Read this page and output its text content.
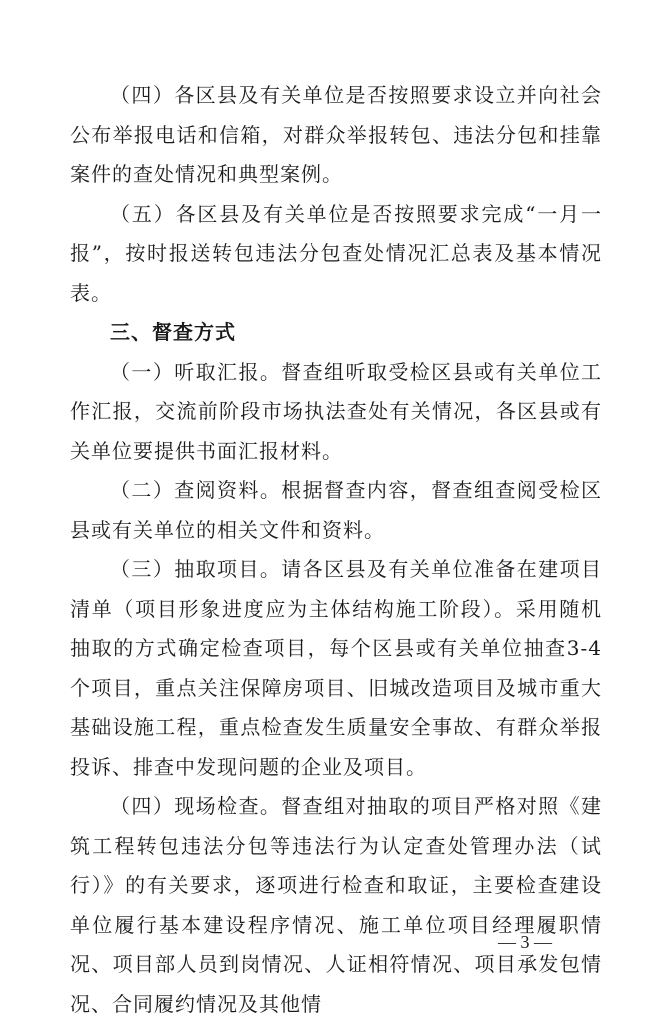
（四）各区县及有关单位是否按照要求设立并向社会公布举报电话和信箱，对群众举报转包、违法分包和挂靠案件的查处情况和典型案例。

（五）各区县及有关单位是否按照要求完成“一月一报”，按时报送转包违法分包查处情况汇总表及基本情况表。

三、督查方式

（一）听取汇报。督查组听取受检区县或有关单位工作汇报，交流前阶段市场执法查处有关情况，各区县或有关单位要提供书面汇报材料。

（二）查阅资料。根据督查内容，督查组查阅受检区县或有关单位的相关文件和资料。

（三）抽取项目。请各区县及有关单位准备在建项目清单（项目形象进度应为主体结构施工阶段）。采用随机抽取的方式确定检查项目，每个区县或有关单位抽查3-4个项目，重点关注保障房项目、旧城改造项目及城市重大基础设施工程，重点检查发生质量安全事故、有群众举报投诉、排查中发现问题的企业及项目。

（四）现场检查。督查组对抽取的项目严格对照《建筑工程转包违法分包等违法行为认定查处管理办法（试行）》的有关要求，逐项进行检查和取证，主要检查建设单位履行基本建设程序情况、施工单位项目经理履职情况、项目部人员到岗情况、人证相符情况、项目承发包情况、合同履约情况及其他情

— 3 —
